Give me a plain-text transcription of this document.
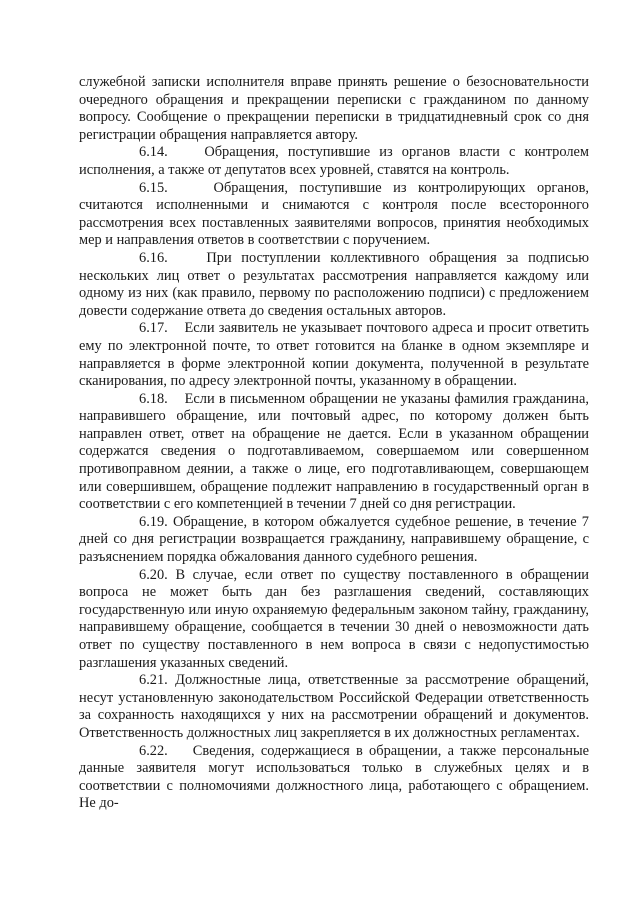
служебной записки исполнителя вправе принять решение о безосновательности очередного обращения и прекращении переписки с гражданином по данному вопросу. Сообщение о прекращении переписки в тридцатидневный срок со дня регистрации обращения направляется автору.

6.14.	Обращения, поступившие из органов власти с контролем исполнения, а также от депутатов всех уровней, ставятся на контроль.

6.15.	Обращения, поступившие из контролирующих органов, считаются исполненными и снимаются с контроля после всесторонного рассмотрения всех поставленных заявителями вопросов, принятия необходимых мер и направления ответов в соответствии с поручением.

6.16.	При поступлении коллективного обращения за подписью нескольких лиц ответ о результатах рассмотрения направляется каждому или одному из них (как правило, первому по расположению подписи) с предложением довести содержание ответа до сведения остальных авторов.

6.17. Если заявитель не указывает почтового адреса и просит ответить ему по электронной почте, то ответ готовится на бланке в одном экземпляре и направляется в форме электронной копии документа, полученной в результате сканирования, по адресу электронной почты, указанному в обращении.

6.18. Если в письменном обращении не указаны фамилия гражданина, направившего обращение, или почтовый адрес, по которому должен быть направлен ответ, ответ на обращение не дается. Если в указанном обращении содержатся сведения о подготавливаемом, совершаемом или совершенном противоправном деянии, а также о лице, его подготавливающем, совершающем или совершившем, обращение подлежит направлению в государственный орган в соответствии с его компетенцией в течении 7 дней со дня регистрации.

6.19. Обращение, в котором обжалуется судебное решение, в течение 7 дней со дня регистрации возвращается гражданину, направившему обращение, с разъяснением порядка обжалования данного судебного решения.

6.20. В случае, если ответ по существу поставленного в обращении вопроса не может быть дан без разглашения сведений, составляющих государственную или иную охраняемую федеральным законом тайну, гражданину, направившему обращение, сообщается в течении 30 дней о невозможности дать ответ по существу поставленного в нем вопроса в связи с недопустимостью разглашения указанных сведений.

6.21. Должностные лица, ответственные за рассмотрение обращений, несут установленную законодательством Российской Федерации ответственность за сохранность находящихся у них на рассмотрении обращений и документов. Ответственность должностных лиц закрепляется в их должностных регламентах.

6.22. Сведения, содержащиеся в обращении, а также персональные данные заявителя могут использоваться только в служебных целях и в соответствии с полномочиями должностного лица, работающего с обращением. Не до-
